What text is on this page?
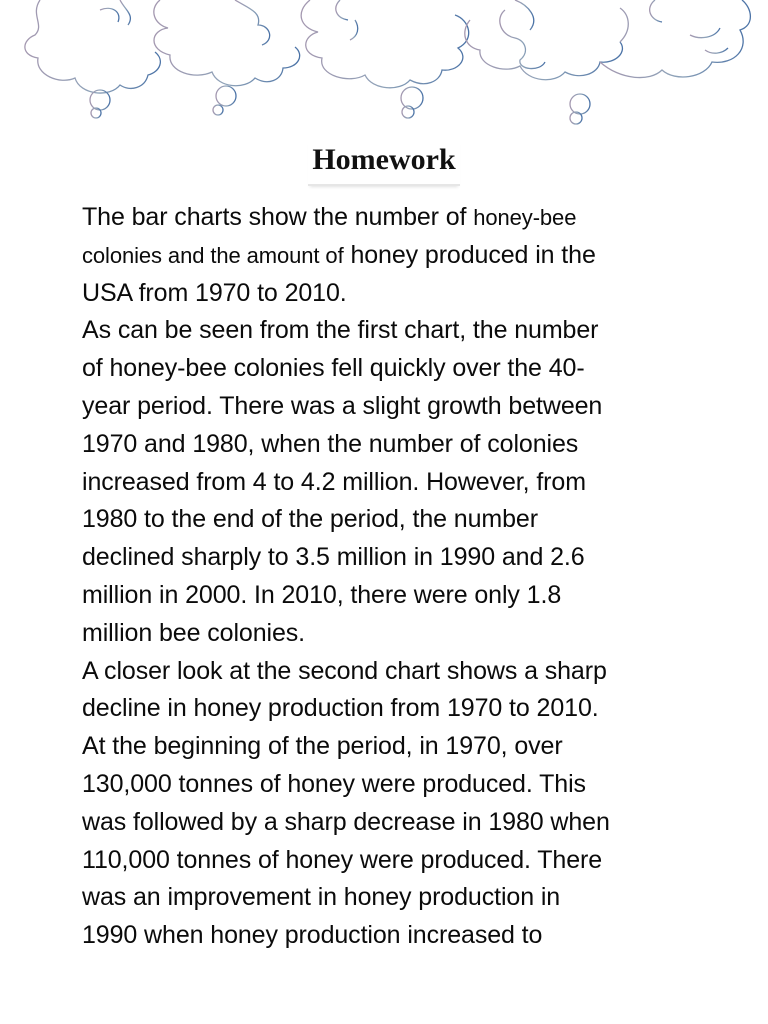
Homework
The bar charts show the number of honey-bee
colonies and the amount of honey produced in the
USA from 1970 to 2010.
As can be seen from the first chart, the number
of honey-bee colonies fell quickly over the 40-
year period. There was a slight growth between
1970 and 1980, when the number of colonies
increased from 4 to 4.2 million. However, from
1980 to the end of the period, the number
declined sharply to 3.5 million in 1990 and 2.6
million in 2000. In 2010, there were only 1.8
million bee colonies.
A closer look at the second chart shows a sharp
decline in honey production from 1970 to 2010.
At the beginning of the period, in 1970, over
130,000 tonnes of honey were produced. This
was followed by a sharp decrease in 1980 when
110,000 tonnes of honey were produced. There
was an improvement in honey production in
1990 when honey production increased to
